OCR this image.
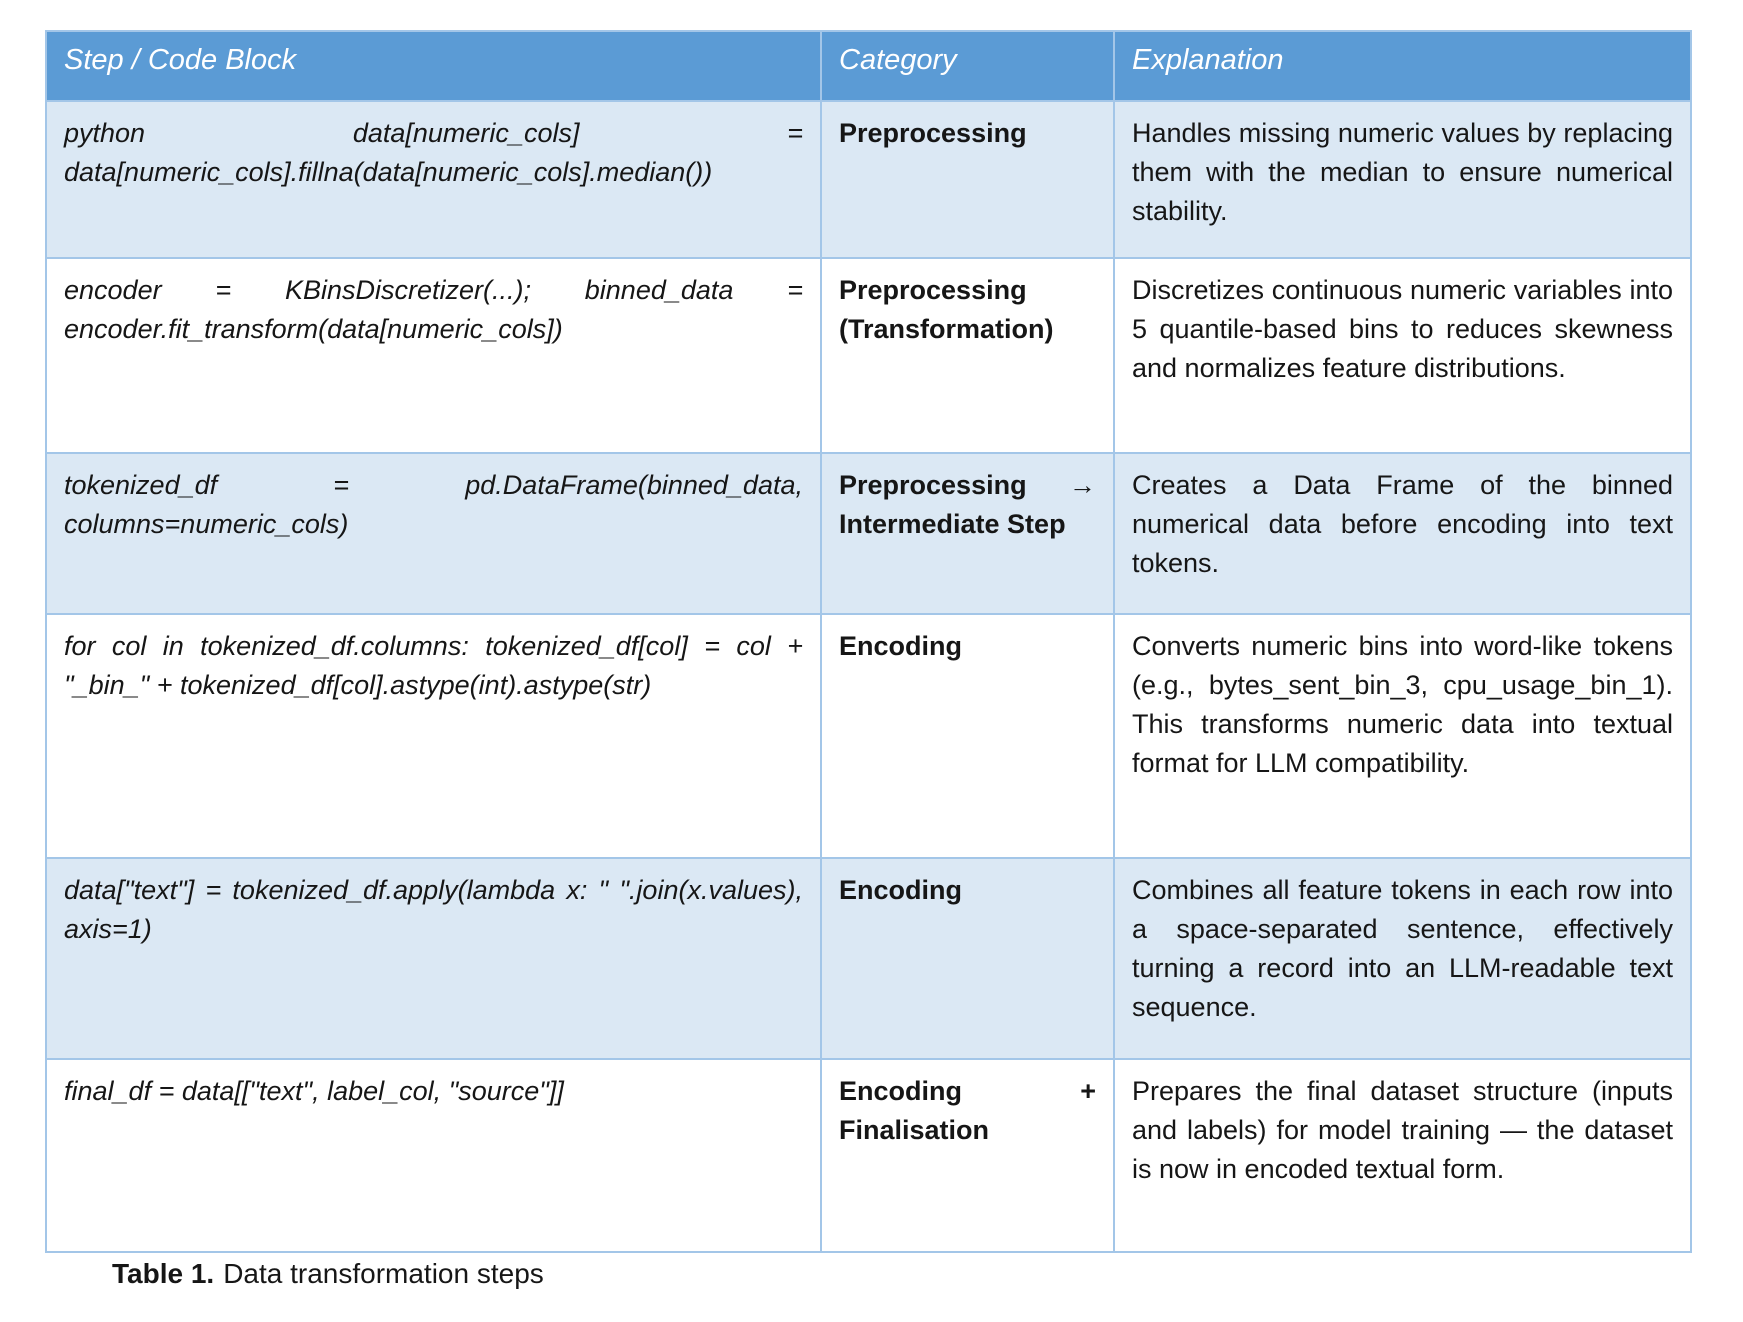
Step / Code Block	Category	Explanation
python data[numeric_cols] = data[numeric_cols].fillna(data[numeric_cols].median())	Preprocessing	Handles missing numeric values by replacing them with the median to ensure numerical stability.
encoder = KBinsDiscretizer(...); binned_data = encoder.fit_transform(data[numeric_cols])	Preprocessing (Transformation)	Discretizes continuous numeric variables into 5 quantile-based bins to reduces skewness and normalizes feature distributions.
tokenized_df = pd.DataFrame(binned_data, columns=numeric_cols)	Preprocessing → Intermediate Step	Creates a Data Frame of the binned numerical data before encoding into text tokens.
for col in tokenized_df.columns: tokenized_df[col] = col + "_bin_" + tokenized_df[col].astype(int).astype(str)	Encoding	Converts numeric bins into word-like tokens (e.g., bytes_sent_bin_3, cpu_usage_bin_1). This transforms numeric data into textual format for LLM compatibility.
data["text"] = tokenized_df.apply(lambda x: " ".join(x.values), axis=1)	Encoding	Combines all feature tokens in each row into a space-separated sentence, effectively turning a record into an LLM-readable text sequence.
final_df = data[["text", label_col, "source"]]	Encoding + Finalisation	Prepares the final dataset structure (inputs and labels) for model training — the dataset is now in encoded textual form.
Table 1. Data transformation steps
